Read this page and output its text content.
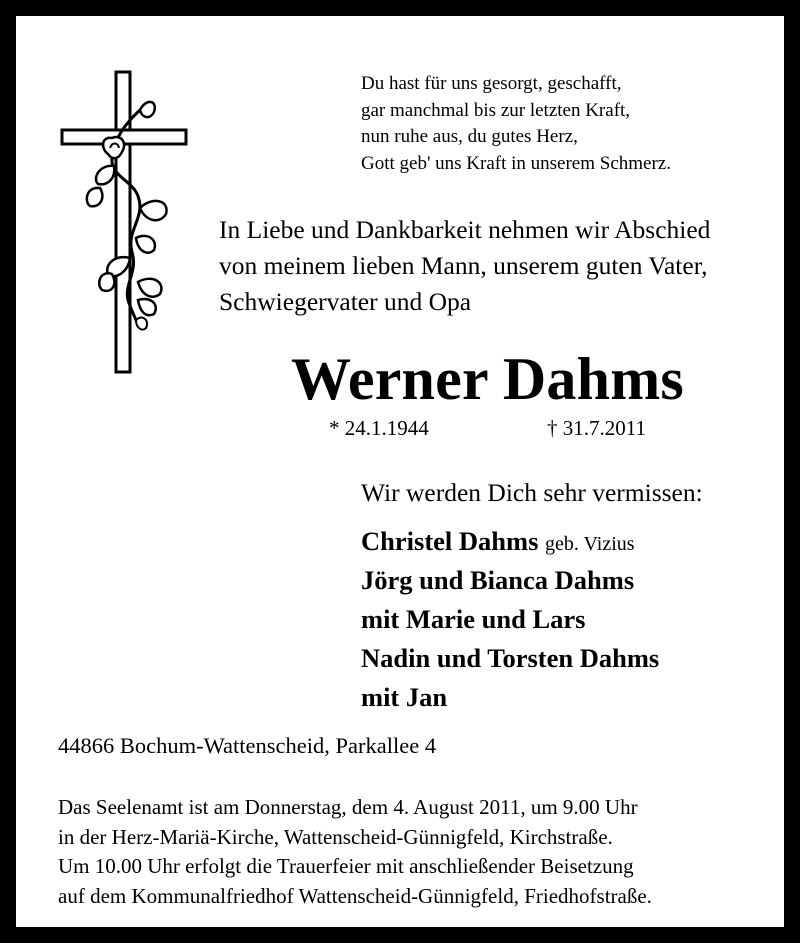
Du hast für uns gesorgt, geschafft,
gar manchmal bis zur letzten Kraft,
nun ruhe aus, du gutes Herz,
Gott geb' uns Kraft in unserem Schmerz.
In Liebe und Dankbarkeit nehmen wir Abschied
von meinem lieben Mann, unserem guten Vater,
Schwiegervater und Opa
Werner Dahms
* 24.1.1944	† 31.7.2011
Wir werden Dich sehr vermissen:
Christel Dahms geb. Vizius
Jörg und Bianca Dahms
mit Marie und Lars
Nadin und Torsten Dahms
mit Jan
44866 Bochum-Wattenscheid, Parkallee 4
Das Seelenamt ist am Donnerstag, dem 4. August 2011, um 9.00 Uhr
in der Herz-Mariä-Kirche, Wattenscheid-Günnigfeld, Kirchstraße.
Um 10.00 Uhr erfolgt die Trauerfeier mit anschließender Beisetzung
auf dem Kommunalfriedhof Wattenscheid-Günnigfeld, Friedhofstraße.
